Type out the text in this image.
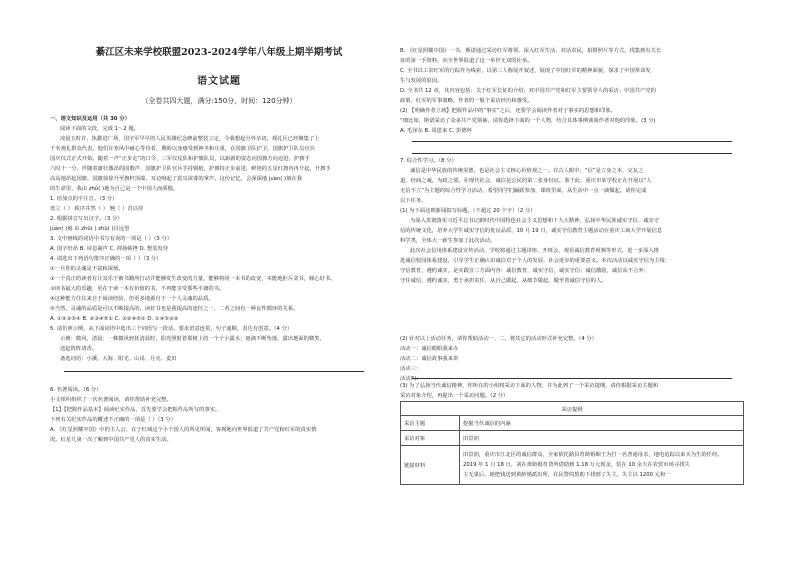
綦江区未来学校联盟2023-2024学年八年级上期半期考试
语文试题
（全卷共四大题，满分:150分，时间：120分钟）
一、语文知识及运用（共 30 分）
阅读下面的文段，完成 1～2 题。
凌晨五时许，执勤进广场，国字军早早的人民英雄纪念碑前整装立定，令我想起分外亲切。观礼区已经聚集了上
千名观礼群众代表，他们在寒风中耐心等待着，期盼以身感受到神圣和庄重，在国旗卫队护卫，国旗护卫队员官兵
国庆仪式正式开始。随着一声“正步走”的口令，三军仪仗队和护旗队员，以崭新的姿态向国旗方向迈进，护旗手
六时十一分，伴随着雄壮激昂的国歌声，国旗护卫队官兵手持钢枪，护旗持正步前进，鲜艳的五星红旗冉冉升起，升旗手
高高地昂起国旗，国旗徐徐升至旗杆顶端，耳边响起了震耳欲聋的掌声。这份记忆，会深深地 juàn( )刻在我
的生命里，我由 zhǔ( )地为自己是一个中国人而骄傲。
1. 给加点的字注音。（3 分）
盘立（ ） 秩序井然（ ） 翘（ ）首以待
2. 根据拼音写出汉字。（3 分）
juàn( )刻 由 zhǔ( ) zhǔ( )目远望
3. 文中画线的词语中书写有误的一项是（ ）（3 分）
A. 国字轩昂 B. 屏息凝声 C. 抑扬顿挫 D. 整装发待
4. 请选出下列语句排序正确的一项（ ）（3 分）
①一旦你的灵魂是不富和深刻。
②一个真正的读者有让其乐于被书籍所打动并能够发生改变的力量，能够将同一本书的改变，本能地拒斥贪书，倾心好书。
③读书最大的乐趣，更在于读一本有价值的书，不再能享受那些平庸的书。
④这种能力往往来自于阅读经验，但更多地源自于一个人灵魂的品质。
⑤当然，灵魂的品质是可以不断提高的，读好书也是我提高的途径之一，二者之间有一种良性循环的关系。
A. ①②③⑤④ B. ②③④⑤① C. ③②④⑤① D. ①④⑤③②
5. 请仿照示例，从下面词语中选出三个词语写一段话，要求语意连贯，句子通顺，表达有创意。（4 分）
示例：微风，清晨：一株微风轻抚清晨时，阳光照射着那树上的一个个小露水；雨滴不断坠落，露出地面的微笑，
送起阵阵清香。
备选词语：小溪、大海、阳光、山岗、月亮、麦田
6. 名著阅读。（6 分）
小文组织组织了一次名著阅读，请你帮助补充完整。
【1】【把握作品基本】阅读纪实作品，首先要学会把握作品所写的事实。
下列有关纪实作品的概述不正确的一项是（ ）（3 分）
A. 《红星照耀中国》中的主人公，在于红域这个小个国人的所见所闻，客观地向世界报道了共产党和红军的真实情
况。红星几第一次了解到中国共产党人的真实生活。
B. 《红星照耀中国》一书，斯诺通过采访红军将领、深入红军生活、对话农民，拍摄照片等方式，找集到有关长
征的第一手资料，向全世界报道了这一举世无双的壮举。
C. 全书以工农红军的行踪作为线索，以第三人称展开叙述，展现了中国红军的精神面貌，探求了中国革命发
生与发展的原因。
D. 全书共 12 章，其内容包括：关于红军长征的介绍；对中国共产党和红军主要领导人的采访；中国共产党的
政策，红军的军事策略，作者的一般个采访经历和感受。
(2) 【明确作者立场】把握作品中的“事实”之后，还要学会阅读作者对于事实的思想和印象。
“细比如，斯诺采访了众多共产党领袖，请你选择下面的一个人物，结合具体事例谈谈作者对他的印象。(3 分)
A. 毛泽东 B. 周恩来 C. 彭德怀
7. 综合性学习。（8 分）
诚信是中华民族的传统美德，也是社会主义核心价值观之一。在古人眼中，“信”是立身之本，交友之
道，经商之魂，为政之要。在现代社会，诚信是公民的第二张身份证。鉴于此，重庆市某学校正在开展以“人
无信不立”为主题的综合性学习活动，希望同学们踊跃参加，课班里面，从生活中一点一滴做起。请你完成
以下任务。
(1) 为下面这则新闻拟写标题。（不超过 20 个字）（2 分）
为深入贯彻落实习近平总书记新时代中国特色社会主义思想和十九大精神，弘扬中华民族诚实守信、诚实守
信的传统文化，培养大学生诚实守信的优良品质，10 月 19 日，诚实守信教育主题活动在重庆工商大学开展信息
科学类，全体大一新生参加了此次活动。
此次社会信用体系建设宣传活动，学校将通过主题讲座、开班会、观看诚信教育视频等形式，进一步深入推
进诚信校园体系建设，引导学生正确认识诚信对于个人的发展、社会进步的重要意义。本次活动以诚实守信为主线：
守信教育，遵约诚实，是实践宣三方面内容：诚信教育，诚实守信，诚实守信；诚信激励，诚信从不言弃；
守住诚信，遵约诚实，勇于承担责任，从自己做起，从细节做起，做至善诚信守信的人。
(2) 针对以上活动任务，请你帮助活动一、二，将其它的活动形式补充完整。（4 分）
活动一：诚信眼眼我来办
活动二：诚信故事我来讲
活动三：
活动四：
(3) 为了弘扬当代诚信精神，你所在的小组将采访下面的人物，并为此列了一个采访提纲，请你根据采访主题和
采访对象介绍，再提出一个采访问题。（2 分）
采访提纲	
采访主题	挖掘当代诚信的内涵
采访对象	田景润
链接材料	田景润，重庆市江北区的诚信群众，全家依托路县育龄婚姻王为打一名普通母亲，地电追踪以来买为生的任经。
2019 年 1 月 18 日，刘在黄龄婚育贷所借助到 1.18 万元现金，装在 10 余天在农贸市场寻找失
主无果后，她把钱送到黄龄婚派出所，在民警的帮助下找到了失主。失主以 1200 元和一
